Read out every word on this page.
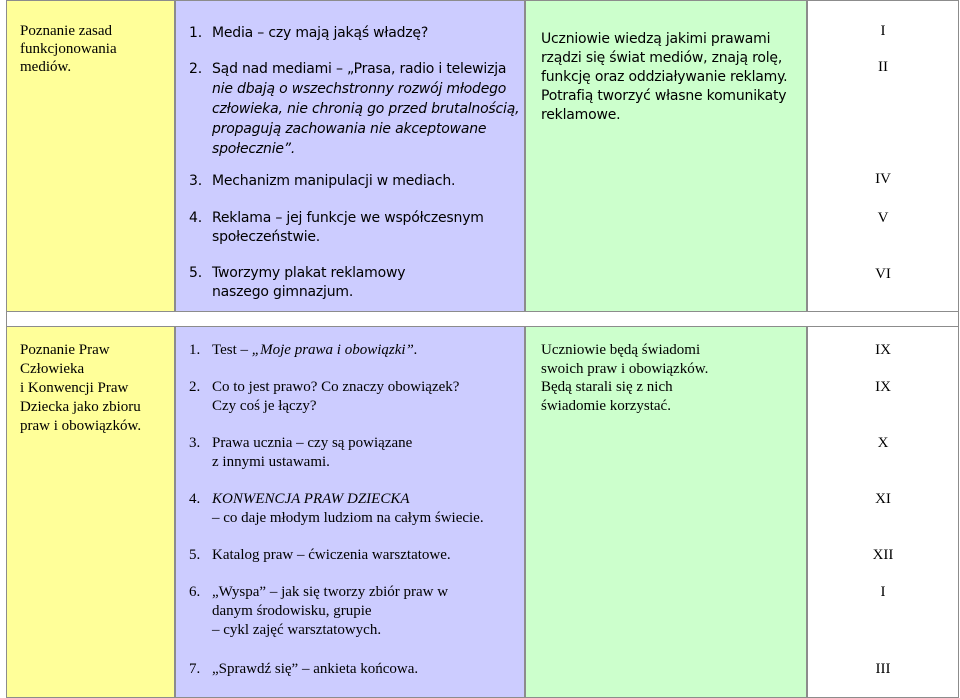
Poznanie zasad
funkcjonowania
mediów.
1. Media – czy mają jakąś władzę?
2. Sąd nad mediami – „Prasa, radio i telewizja
nie dbają o wszechstronny rozwój młodego
człowieka, nie chronią go przed brutalnością,
propagują zachowania nie akceptowane
społecznie”.
3. Mechanizm manipulacji w mediach.
4. Reklama – jej funkcje we współczesnym
społeczeństwie.
5. Tworzymy plakat reklamowy
naszego gimnazjum.
Uczniowie wiedzą jakimi prawami
rządzi się świat mediów, znają rolę,
funkcję oraz oddziaływanie reklamy.
Potrafią tworzyć własne komunikaty
reklamowe.
I
II
IV
V
VI
Poznanie Praw
Człowieka
i Konwencji Praw
Dziecka jako zbioru
praw i obowiązków.
1. Test – „Moje prawa i obowiązki”.
2. Co to jest prawo? Co znaczy obowiązek?
Czy coś je łączy?
3. Prawa ucznia – czy są powiązane
z innymi ustawami.
4. KONWENCJA PRAW DZIECKA
– co daje młodym ludziom na całym świecie.
5. Katalog praw – ćwiczenia warsztatowe.
6. „Wyspa” – jak się tworzy zbiór praw w
danym środowisku, grupie
– cykl zajęć warsztatowych.
7. „Sprawdź się” – ankieta końcowa.
Uczniowie będą świadomi
swoich praw i obowiązków.
Będą starali się z nich
świadomie korzystać.
IX
IX
X
XI
XII
I
III
